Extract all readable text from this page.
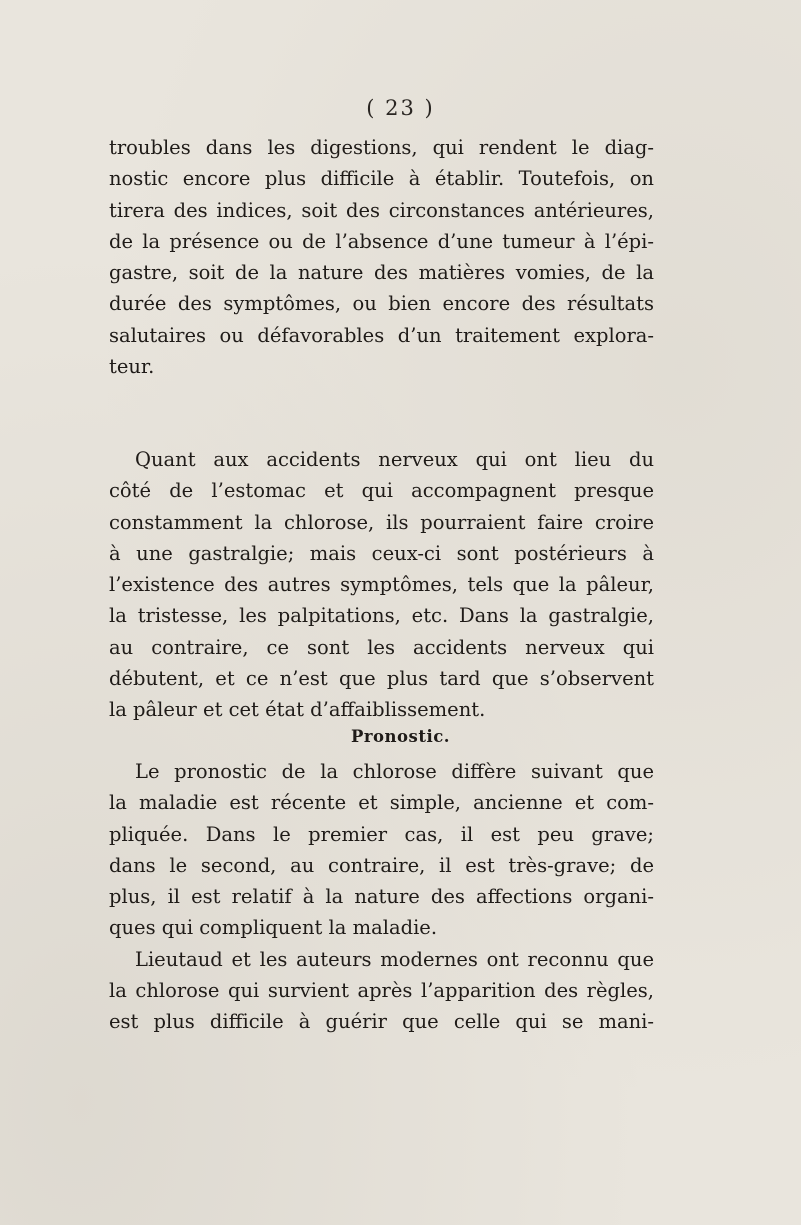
( 23 )
troubles dans les digestions, qui rendent le diag-
nostic encore plus difficile à établir. Toutefois, on
tirera des indices, soit des circonstances antérieures,
de la présence ou de l’absence d’une tumeur à l’épi-
gastre, soit de la nature des matières vomies, de la
durée des symptômes, ou bien encore des résultats
salutaires ou défavorables d’un traitement explora-
teur.
Quant aux accidents nerveux qui ont lieu du
côté de l’estomac et qui accompagnent presque
constamment la chlorose, ils pourraient faire croire
à une gastralgie; mais ceux-ci sont postérieurs à
l’existence des autres symptômes, tels que la pâleur,
la tristesse, les palpitations, etc. Dans la gastralgie,
au contraire, ce sont les accidents nerveux qui
débutent, et ce n’est que plus tard que s’observent
la pâleur et cet état d’affaiblissement.
Pronostic.
Le pronostic de la chlorose diffère suivant que
la maladie est récente et simple, ancienne et com-
pliquée. Dans le premier cas, il est peu grave;
dans le second, au contraire, il est très-grave; de
plus, il est relatif à la nature des affections organi-
ques qui compliquent la maladie.
Lieutaud et les auteurs modernes ont reconnu que
la chlorose qui survient après l’apparition des règles,
est plus difficile à guérir que celle qui se mani-
